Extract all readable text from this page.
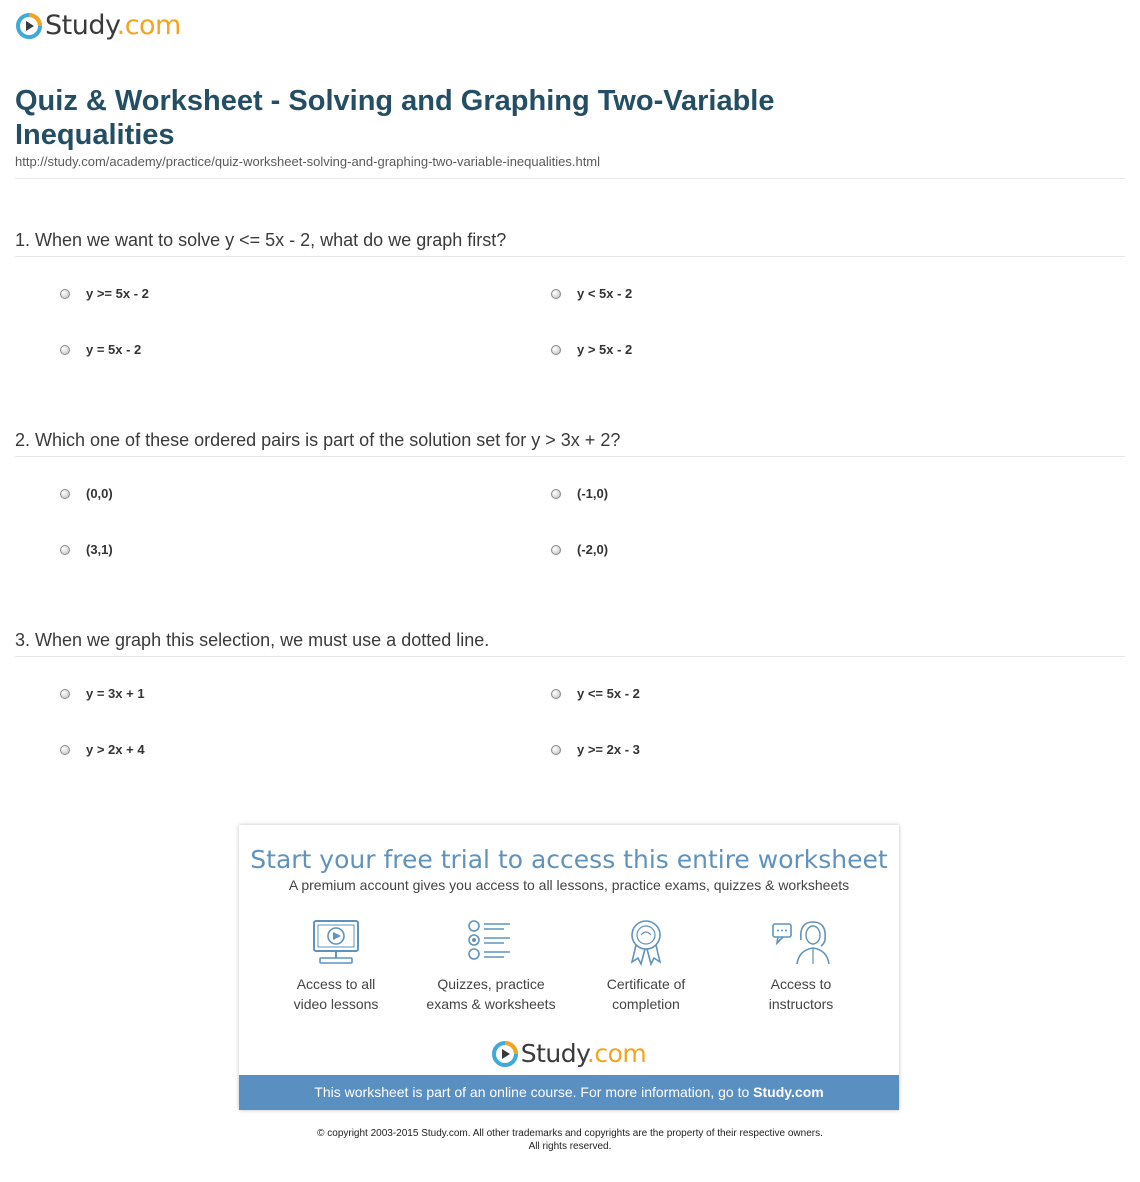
Study.com
Quiz & Worksheet - Solving and Graphing Two-Variable Inequalities
http://study.com/academy/practice/quiz-worksheet-solving-and-graphing-two-variable-inequalities.html
1. When we want to solve y <= 5x - 2, what do we graph first?
y >= 5x - 2	y < 5x - 2
y = 5x - 2	y > 5x - 2
2. Which one of these ordered pairs is part of the solution set for y > 3x + 2?
(0,0)	(-1,0)
(3,1)	(-2,0)
3. When we graph this selection, we must use a dotted line.
y = 3x + 1	y <= 5x - 2
y > 2x + 4	y >= 2x - 3
Start your free trial to access this entire worksheet
A premium account gives you access to all lessons, practice exams, quizzes & worksheets
Access to all
video lessons
Quizzes, practice
exams & worksheets
Certificate of
completion
Access to
instructors
Study.com
This worksheet is part of an online course. For more information, go to Study.com
© copyright 2003-2015 Study.com. All other trademarks and copyrights are the property of their respective owners.
All rights reserved.
